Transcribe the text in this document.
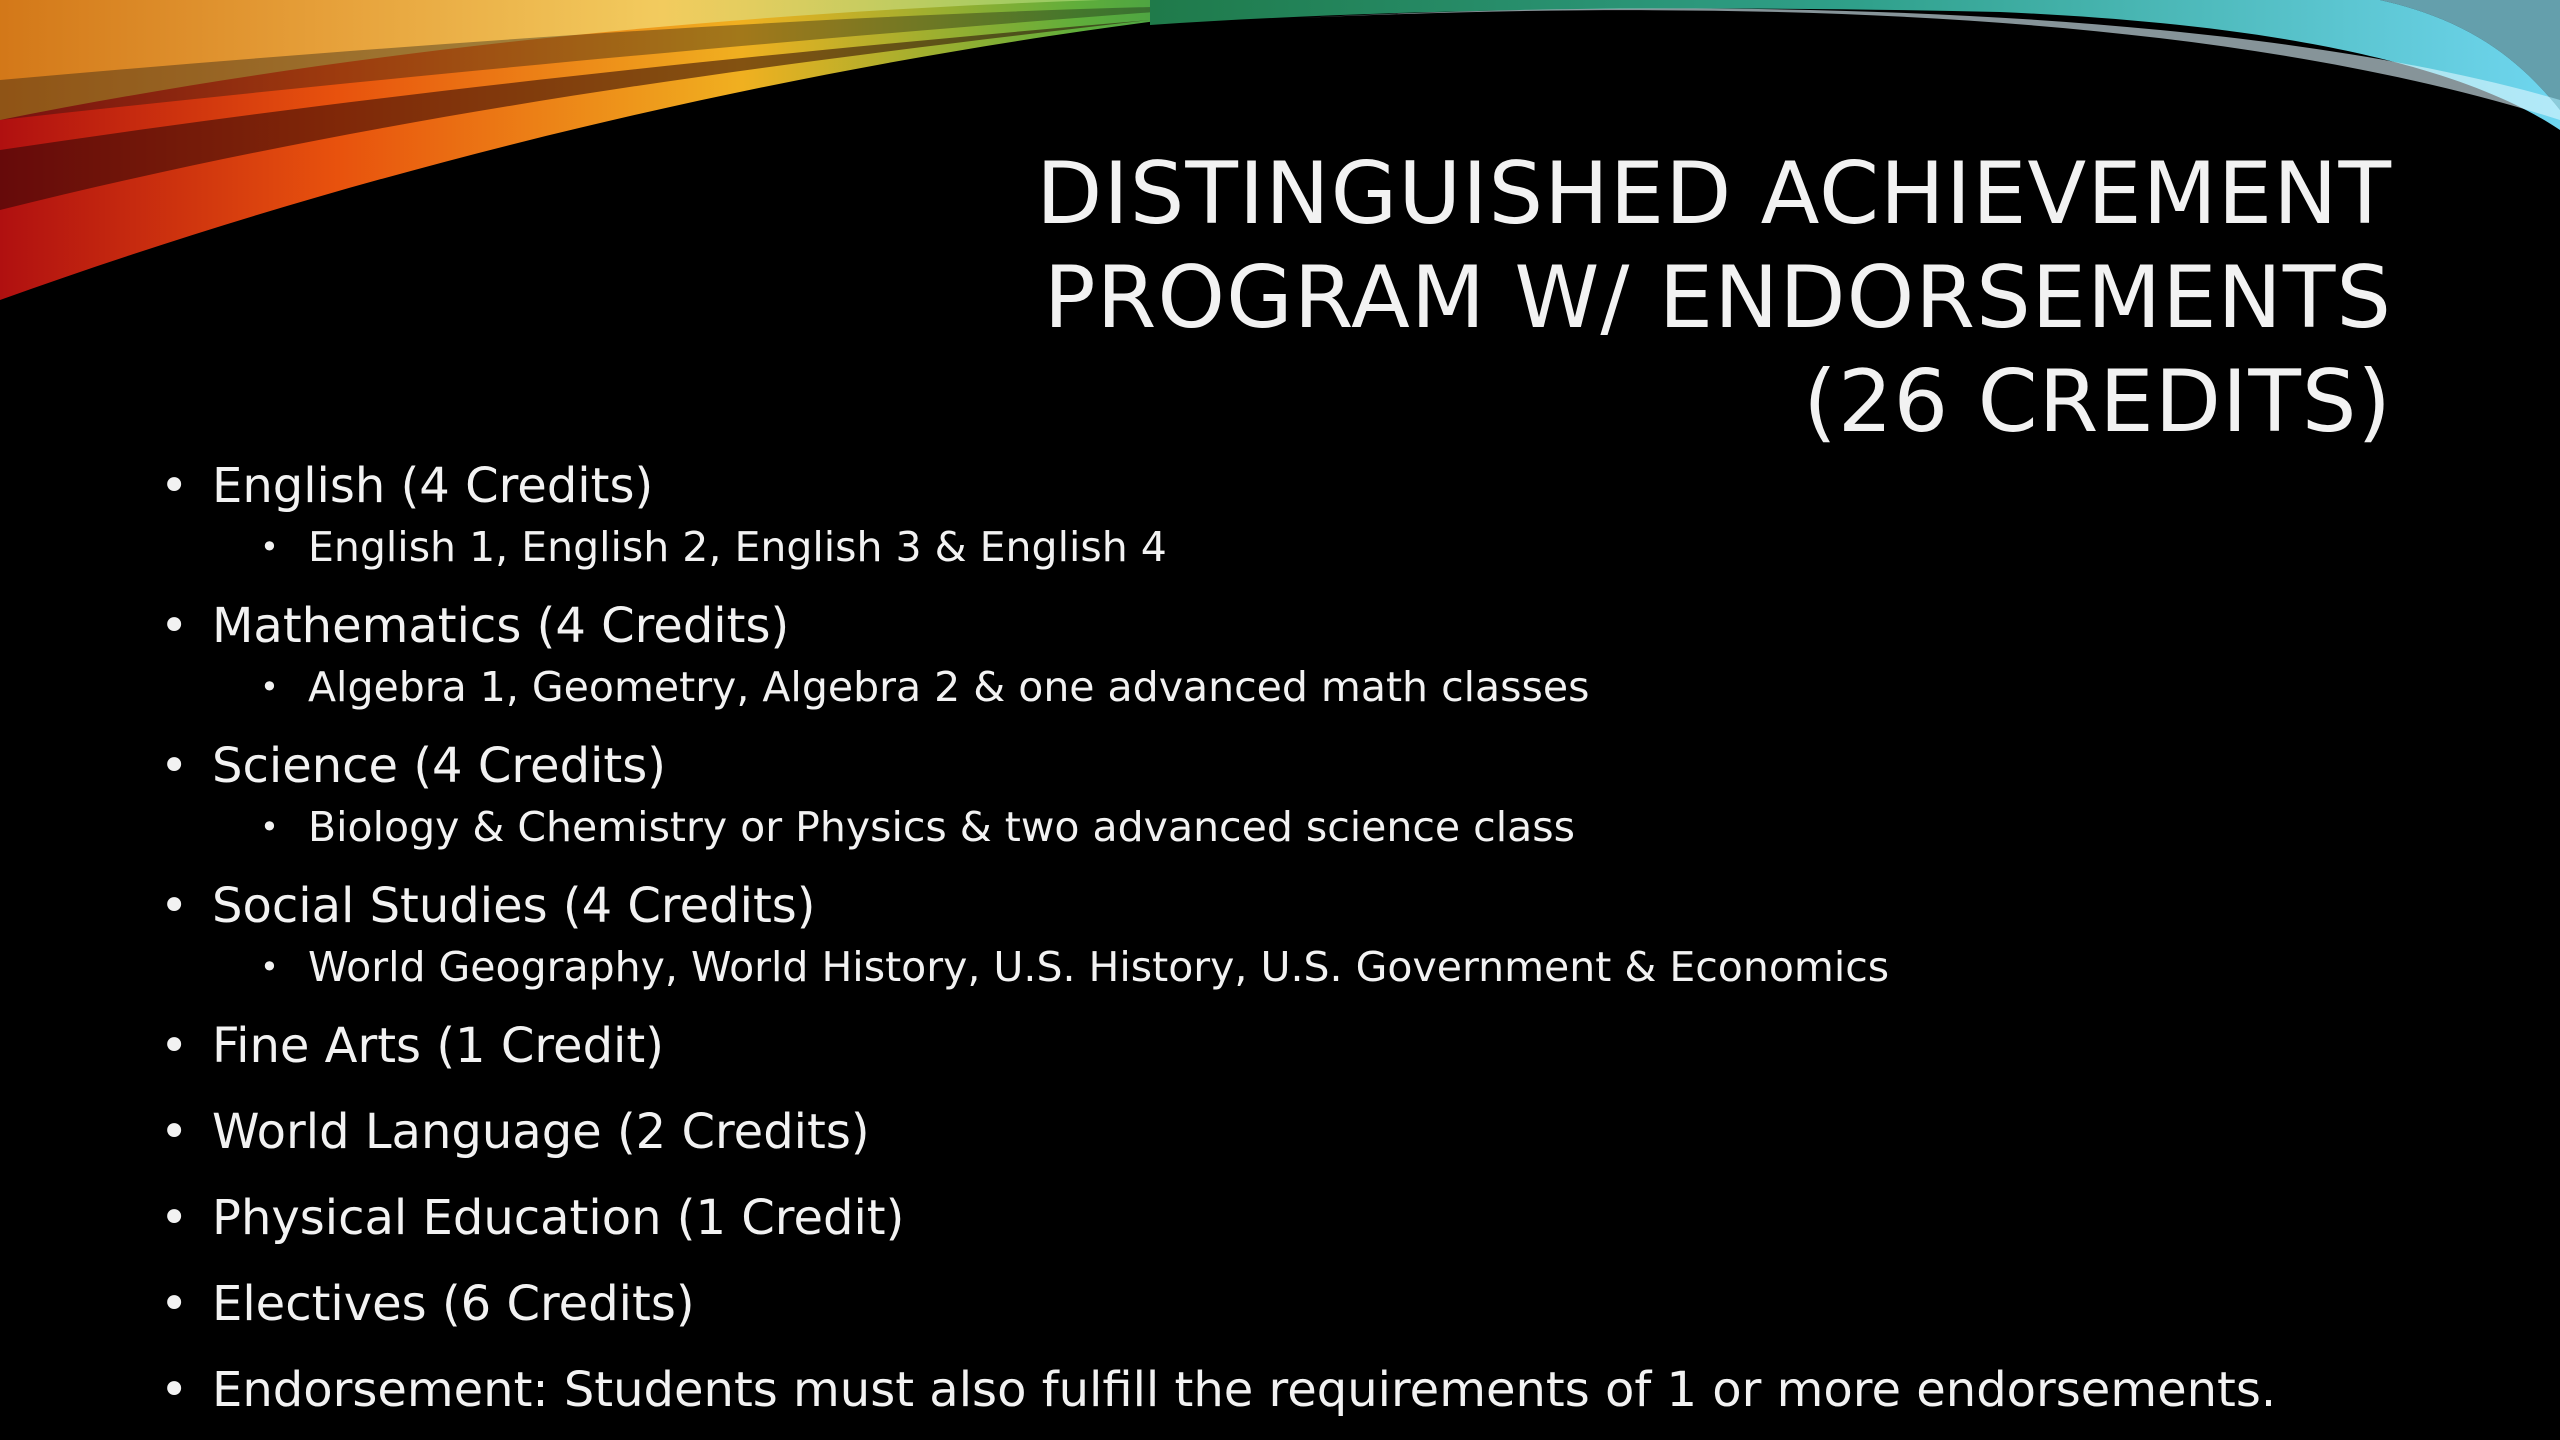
DISTINGUISHED ACHIEVEMENT
PROGRAM W/ ENDORSEMENTS
(26 CREDITS)
• English (4 Credits)
• English 1, English 2, English 3 & English 4
• Mathematics (4 Credits)
• Algebra 1, Geometry, Algebra 2 & one advanced math classes
• Science (4 Credits)
• Biology & Chemistry or Physics & two advanced science class
• Social Studies (4 Credits)
• World Geography, World History, U.S. History, U.S. Government & Economics
• Fine Arts (1 Credit)
• World Language (2 Credits)
• Physical Education (1 Credit)
• Electives (6 Credits)
• Endorsement: Students must also fulfill the requirements of 1 or more endorsements.
